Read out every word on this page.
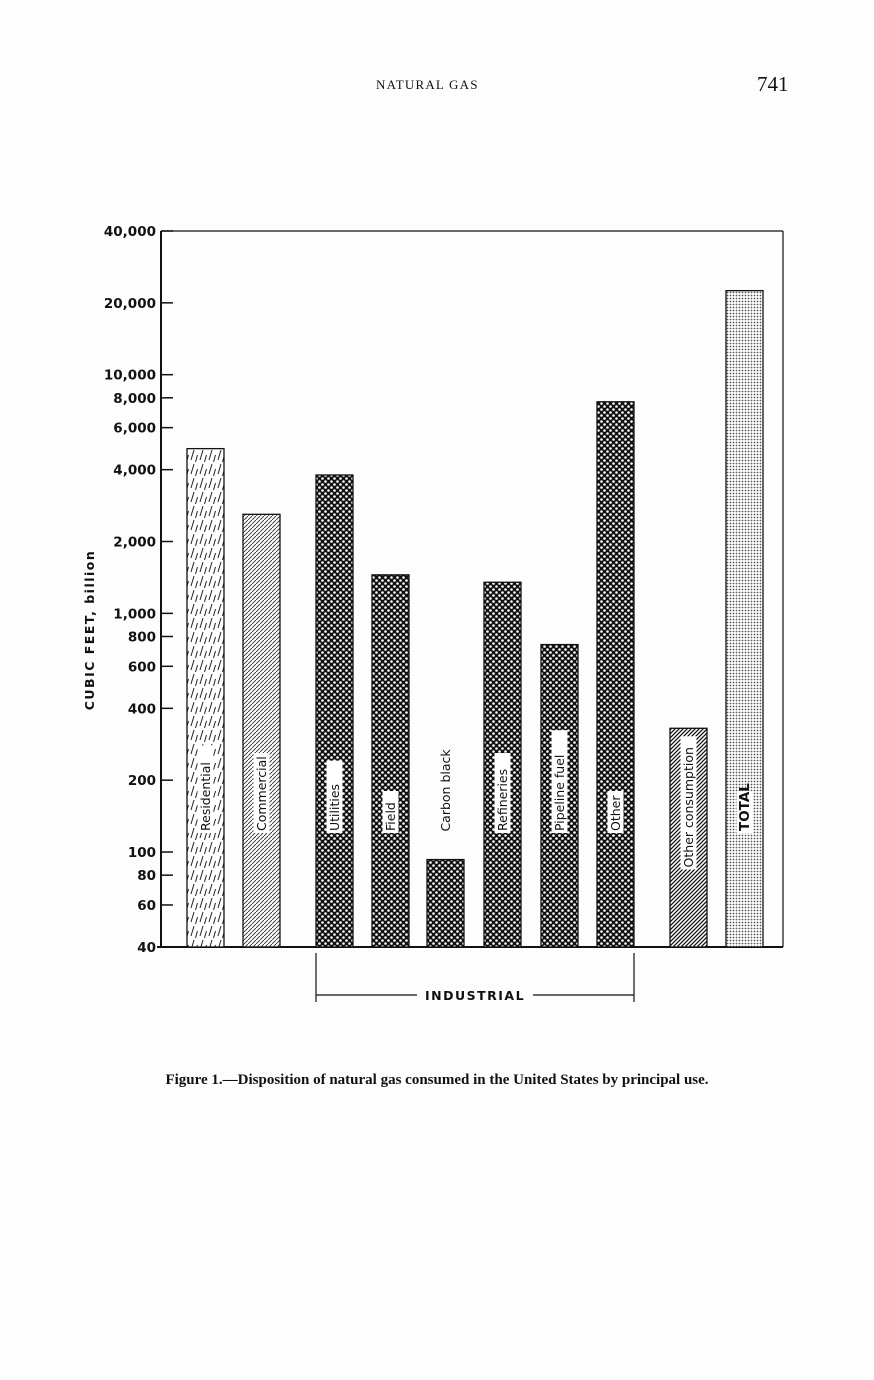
NATURAL GAS	741
40
60
80
100
200
400
600
800
1,000
2,000
4,000
6,000
8,000
10,000
20,000
40,000
Residential	Commercial	Utilities	Field	Carbon black	Refineries	Pipeline fuel	Other	Other consumption	TOTAL
INDUSTRIAL
CUBIC FEET, billion
Figure 1.—Disposition of natural gas consumed in the United States by principal use.
